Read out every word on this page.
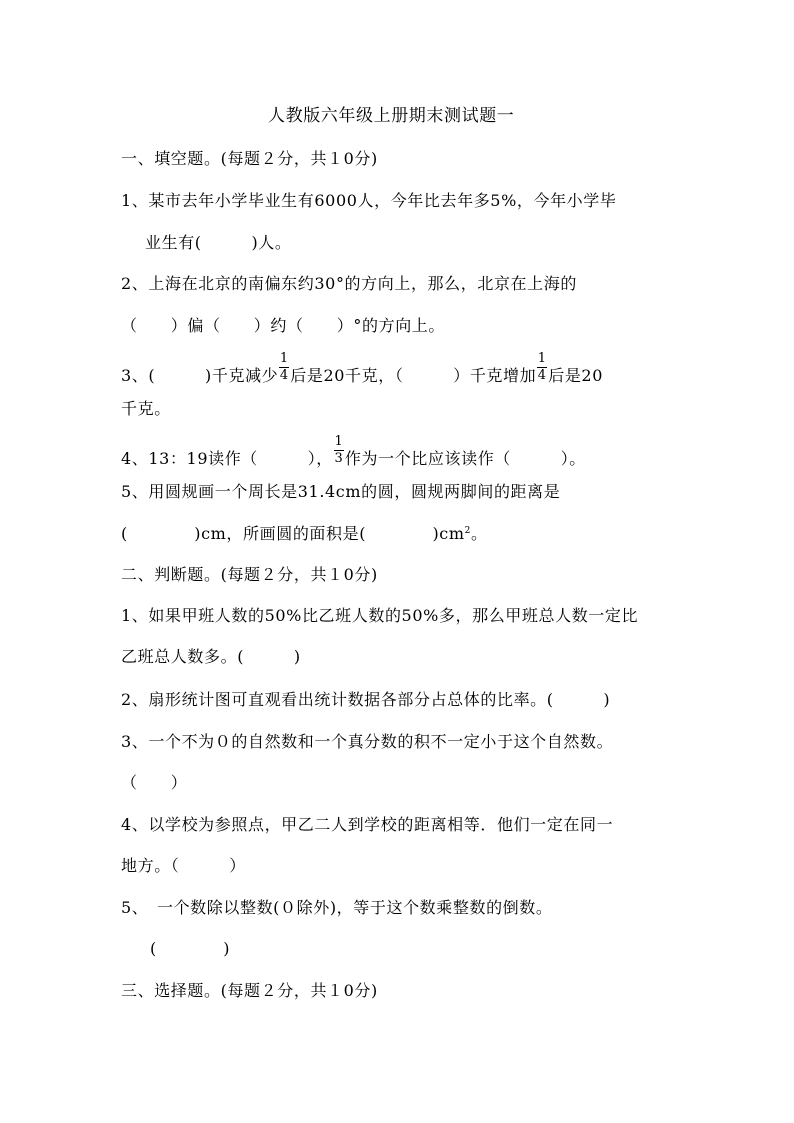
人教版六年级上册期末测试题一
一、填空题。(每题２分，共１0分)
1、某市去年小学毕业生有6000人，今年比去年多5%，今年小学毕
业生有(　　　)人。
2、上海在北京的南偏东约30°的方向上，那么，北京在上海的
（　　）偏（　　）约（　　）°的方向上。
3、(　　　)千克减少 $\frac{1}{4}$ 后是20千克，（　　　）千克增加 $\frac{1}{4}$ 后是20
千克。
4、13：19读作（　　　）， $\frac{1}{3}$ 作为一个比应该读作（　　　）。
5、用圆规画一个周长是31.4cm的圆，圆规两脚间的距离是
(　　　　)cm，所画圆的面积是(　　　　)$cm^2$。
二、判断题。(每题２分，共１0分)
1、如果甲班人数的50%比乙班人数的50%多，那么甲班总人数一定比
乙班总人数多。(　　　)
2、扇形统计图可直观看出统计数据各部分占总体的比率。(　　　)
3、一个不为０的自然数和一个真分数的积不一定小于这个自然数。
（　　）
4、以学校为参照点，甲乙二人到学校的距离相等．他们一定在同一
地方。（　　　）
5、　一个数除以整数(０除外)，等于这个数乘整数的倒数。
(　　　　)
三、选择题。(每题２分，共１0分)
